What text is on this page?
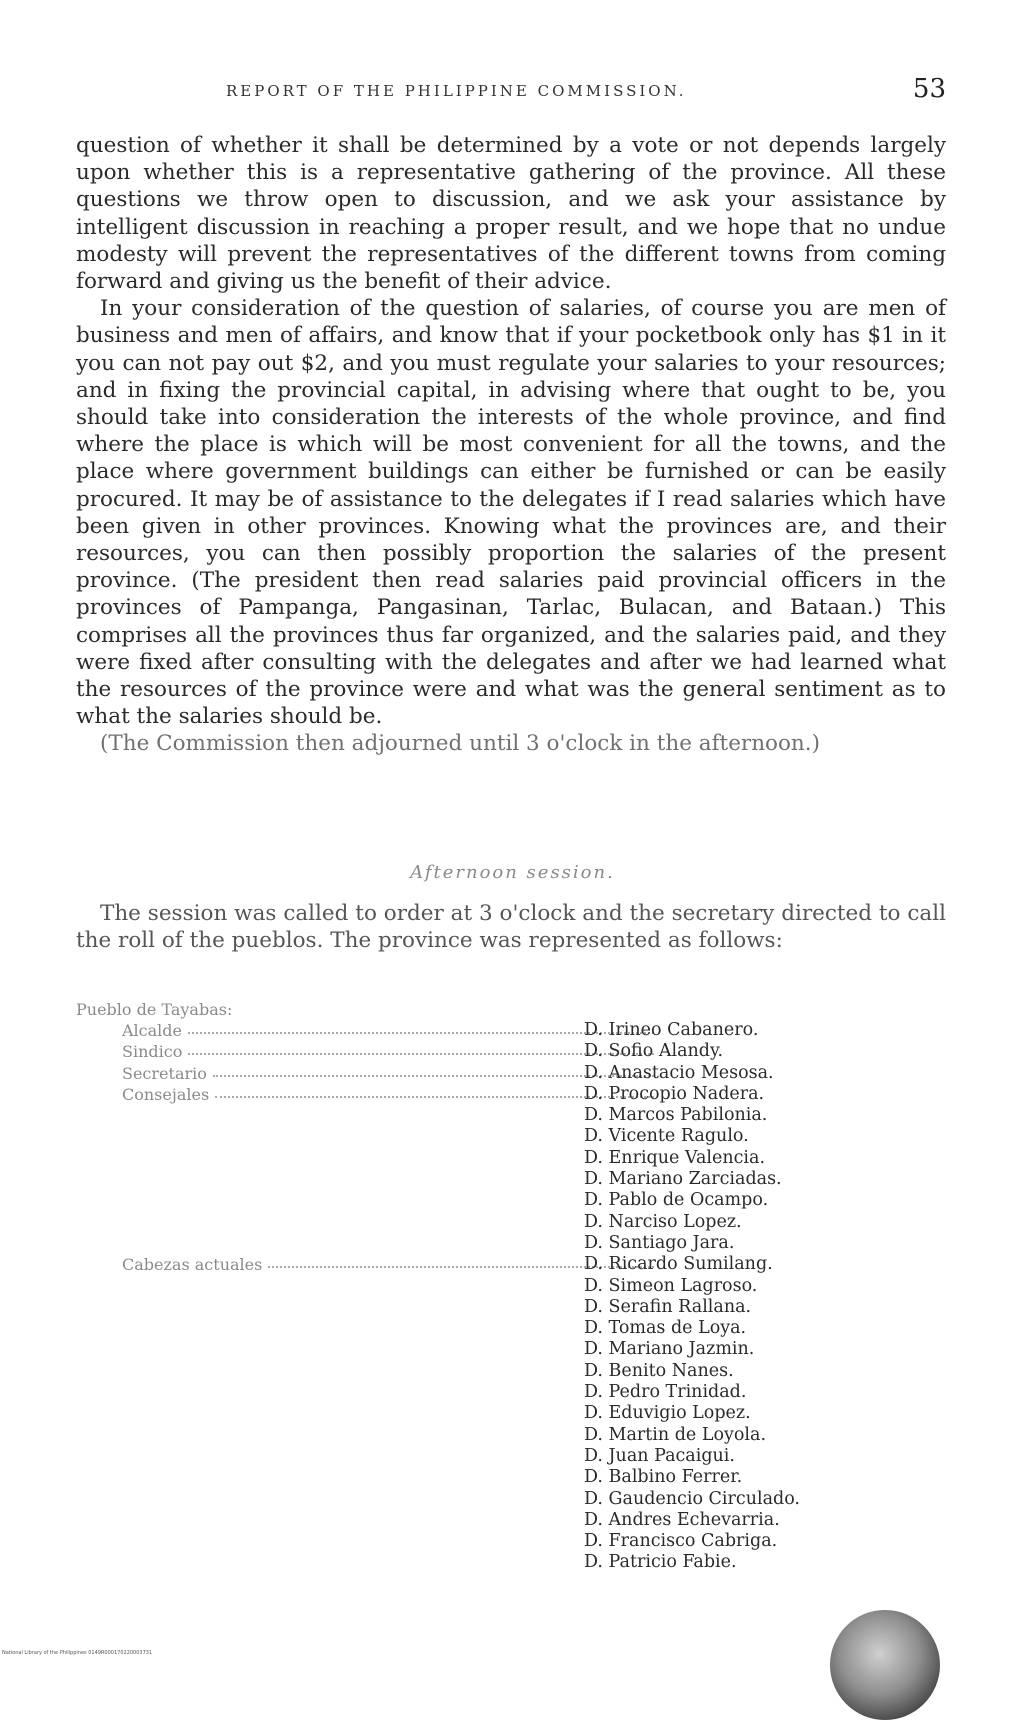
REPORT OF THE PHILIPPINE COMMISSION.	53

question of whether it shall be determined by a vote or not depends largely upon whether this is a representative gathering of the province. All these questions we throw open to discussion, and we ask your assistance by intelligent discussion in reaching a proper result, and we hope that no undue modesty will prevent the representatives of the different towns from coming forward and giving us the benefit of their advice.

In your consideration of the question of salaries, of course you are men of business and men of affairs, and know that if your pocketbook only has $1 in it you can not pay out $2, and you must regulate your salaries to your resources; and in fixing the provincial capital, in advising where that ought to be, you should take into consideration the interests of the whole province, and find where the place is which will be most convenient for all the towns, and the place where government buildings can either be furnished or can be easily procured. It may be of assistance to the delegates if I read salaries which have been given in other provinces. Knowing what the provinces are, and their resources, you can then possibly proportion the salaries of the present province. (The president then read salaries paid provincial officers in the provinces of Pampanga, Pangasinan, Tarlac, Bulacan, and Bataan.) This comprises all the provinces thus far organized, and the salaries paid, and they were fixed after consulting with the delegates and after we had learned what the resources of the province were and what was the general sentiment as to what the salaries should be.

(The Commission then adjourned until 3 o'clock in the afternoon.)

Afternoon session.

The session was called to order at 3 o'clock and the secretary directed to call the roll of the pueblos. The province was represented as follows:

Pueblo de Tayabas:
Alcalde
Sindico
Secretario
Consejales
Cabezas actuales
D. Irineo Cabanero.
D. Sofio Alandy.
D. Anastacio Mesosa.
D. Procopio Nadera.
D. Marcos Pabilonia.
D. Vicente Ragulo.
D. Enrique Valencia.
D. Mariano Zarciadas.
D. Pablo de Ocampo.
D. Narciso Lopez.
D. Santiago Jara.
D. Ricardo Sumilang.
D. Simeon Lagroso.
D. Serafin Rallana.
D. Tomas de Loya.
D. Mariano Jazmin.
D. Benito Nanes.
D. Pedro Trinidad.
D. Eduvigio Lopez.
D. Martin de Loyola.
D. Juan Pacaigui.
D. Balbino Ferrer.
D. Gaudencio Circulado.
D. Andres Echevarria.
D. Francisco Cabriga.
D. Patricio Fabie.
National Library of the Philippines 0149R000170220003731
